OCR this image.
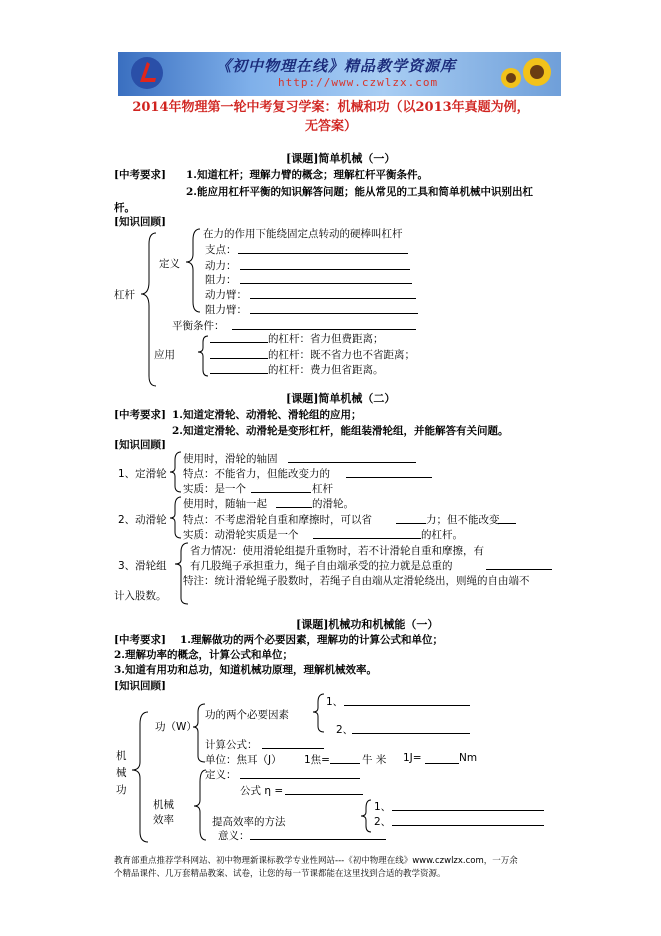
《初中物理在线》精品教学资源库
http://www.czwlzx.com
2014年物理第一轮中考复习学案：机械和功（以2013年真题为例，
无答案）
[课题]简单机械（一）
[中考要求] 1.知道杠杆；理解力臂的概念；理解杠杆平衡条件。
2.能应用杠杆平衡的知识解答问题；能从常见的工具和简单机械中识别出杠
杆。
[知识回顾]
杠杆
定义
在力的作用下能绕固定点转动的硬棒叫杠杆
支点：
动力：
阻力：
动力臂：
阻力臂：
平衡条件：
应用
的杠杆：省力但费距离；
的杠杆：既不省力也不省距离；
的杠杆：费力但省距离。
[课题]简单机械（二）
[中考要求] 1.知道定滑轮、动滑轮、滑轮组的应用；
2.知道定滑轮、动滑轮是变形杠杆，能组装滑轮组，并能解答有关问题。
[知识回顾]
1、定滑轮
使用时，滑轮的轴固
特点：不能省力，但能改变力的
实质：是一个	杠杆
2、动滑轮
使用时，随轴一起	的滑轮。
特点：不考虑滑轮自重和摩擦时，可以省	力；但不能改变
实质：动滑轮实质是一个	的杠杆。
3、滑轮组
省力情况：使用滑轮组提升重物时，若不计滑轮自重和摩擦，有
有几股绳子承担重力，绳子自由端承受的拉力就是总重的
特注：统计滑轮绳子股数时，若绳子自由端从定滑轮绕出，则绳的自由端不
计入股数。
[课题]机械功和机械能（一）
[中考要求] 1.理解做功的两个必要因素，理解功的计算公式和单位；
2.理解功率的概念，计算公式和单位；
3.知道有用功和总功，知道机械功原理，理解机械效率。
[知识回顾]
机
械
功
功（W）
功的两个必要因素
1、
2、
计算公式：
单位：焦耳（J） 1焦=	牛 米 1J=	Nm
定义：
公式 η =
机械
效率	提高效率的方法
1、
2、
意义：
教育部重点推荐学科网站、初中物理新课标教学专业性网站---《初中物理在线》www.czwlzx.com，一万余
个精品课件、几万套精品教案、试卷，让您的每一节课都能在这里找到合适的教学资源。
